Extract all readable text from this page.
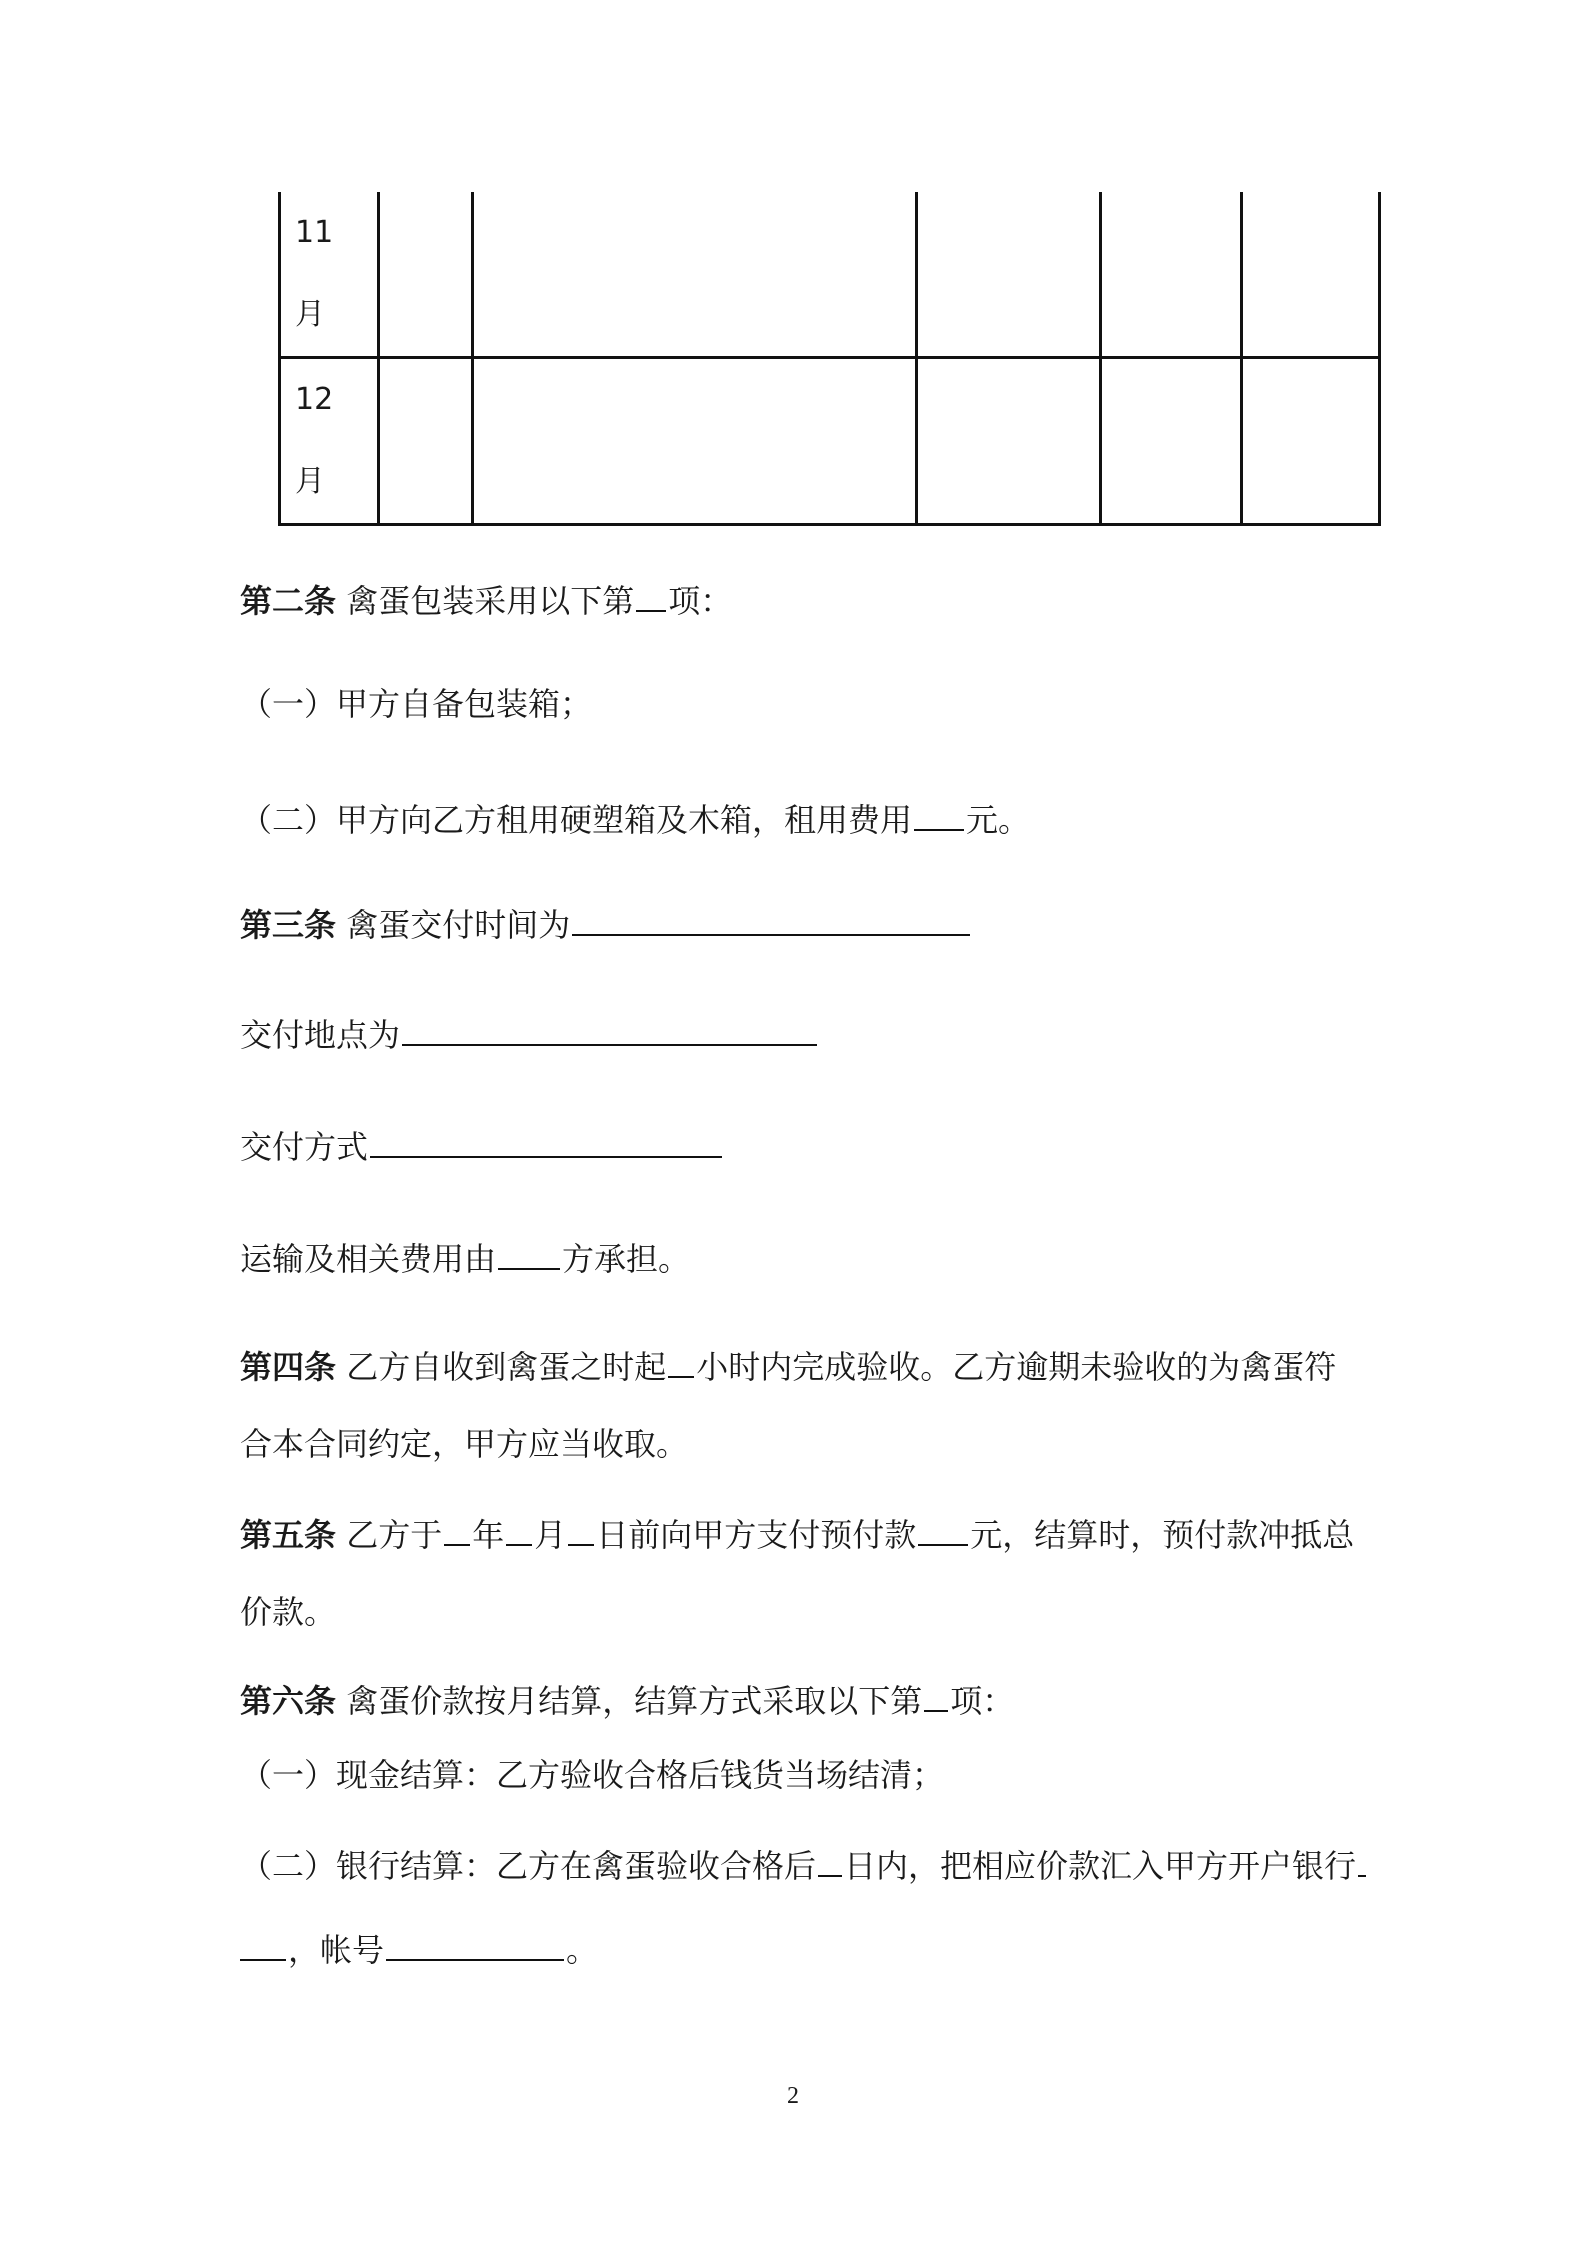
11
月					

12
月					

第二条 禽蛋包装采用以下第 项：
（一）甲方自备包装箱；
（二）甲方向乙方租用硬塑箱及木箱，租用费用 元。
第三条 禽蛋交付时间为
交付地点为
交付方式
运输及相关费用由 方承担。
第四条 乙方自收到禽蛋之时起 小时内完成验收。乙方逾期未验收的为禽蛋符
合本合同约定，甲方应当收取。
第五条 乙方于 年 月 日前向甲方支付预付款 元，结算时，预付款冲抵总
价款。
第六条 禽蛋价款按月结算，结算方式采取以下第 项：
（一）现金结算：乙方验收合格后钱货当场结清；
（二）银行结算：乙方在禽蛋验收合格后 日内，把相应价款汇入甲方开户银行
，帐号	。
2
